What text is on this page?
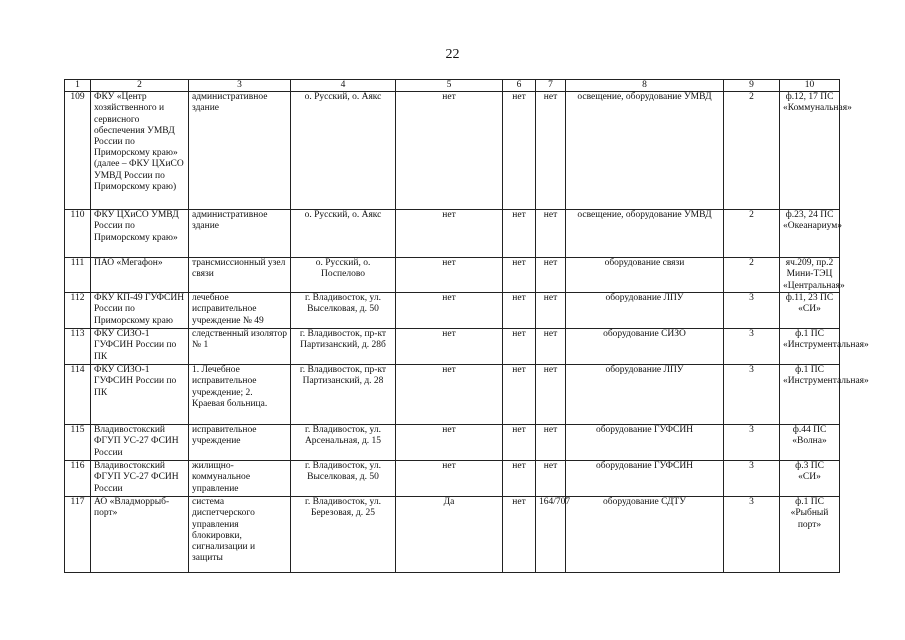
22
1	2	3	4	5	6	7	8	9	10
109	ФКУ «Центр хозяйственного и сервисного обеспечения УМВД России по Приморскому краю» (далее – ФКУ ЦХиСО УМВД России по Приморскому краю)	административное здание	о. Русский, о. Аякс	нет	нет	нет	освещение, оборудование УМВД	2	ф.12, 17 ПС «Коммунальная»
110	ФКУ ЦХиСО УМВД России по Приморскому краю»	административное здание	о. Русский, о. Аякс	нет	нет	нет	освещение, оборудование УМВД	2	ф.23, 24 ПС «Океанариум»
111	ПАО «Мегафон»	трансмиссионный узел связи	о. Русский, о. Поспелово	нет	нет	нет	оборудование связи	2	яч.209, пр.2 Мини-ТЭЦ «Центральная»
112	ФКУ КП-49 ГУФСИН России по Приморскому краю	лечебное исправительное учреждение № 49	г. Владивосток, ул. Выселковая, д. 50	нет	нет	нет	оборудование ЛПУ	3	ф.11, 23 ПС «СИ»
113	ФКУ СИЗО-1 ГУФСИН России по ПК	следственный изолятор № 1	г. Владивосток, пр-кт Партизанский, д. 28б	нет	нет	нет	оборудование СИЗО	3	ф.1 ПС «Инструментальная»
114	ФКУ СИЗО-1 ГУФСИН России по ПК	1. Лечебное исправительное учреждение; 2. Краевая больница.	г. Владивосток, пр-кт Партизанский, д. 28	нет	нет	нет	оборудование ЛПУ	3	ф.1 ПС «Инструментальная»
115	Владивостокский ФГУП УС-27 ФСИН России	исправительное учреждение	г. Владивосток, ул. Арсенальная, д. 15	нет	нет	нет	оборудование ГУФСИН	3	ф.44 ПС «Волна»
116	Владивостокский ФГУП УС-27 ФСИН России	жилищно-коммунальное управление	г. Владивосток, ул. Выселковая, д. 50	нет	нет	нет	оборудование ГУФСИН	3	ф.3 ПС «СИ»
117	АО «Владморрыб-порт»	система диспетчерского управления блокировки, сигнализации и защиты	г. Владивосток, ул. Березовая, д. 25	Да	нет	164/707	оборудование СДТУ	3	ф.1 ПС «Рыбный порт»
